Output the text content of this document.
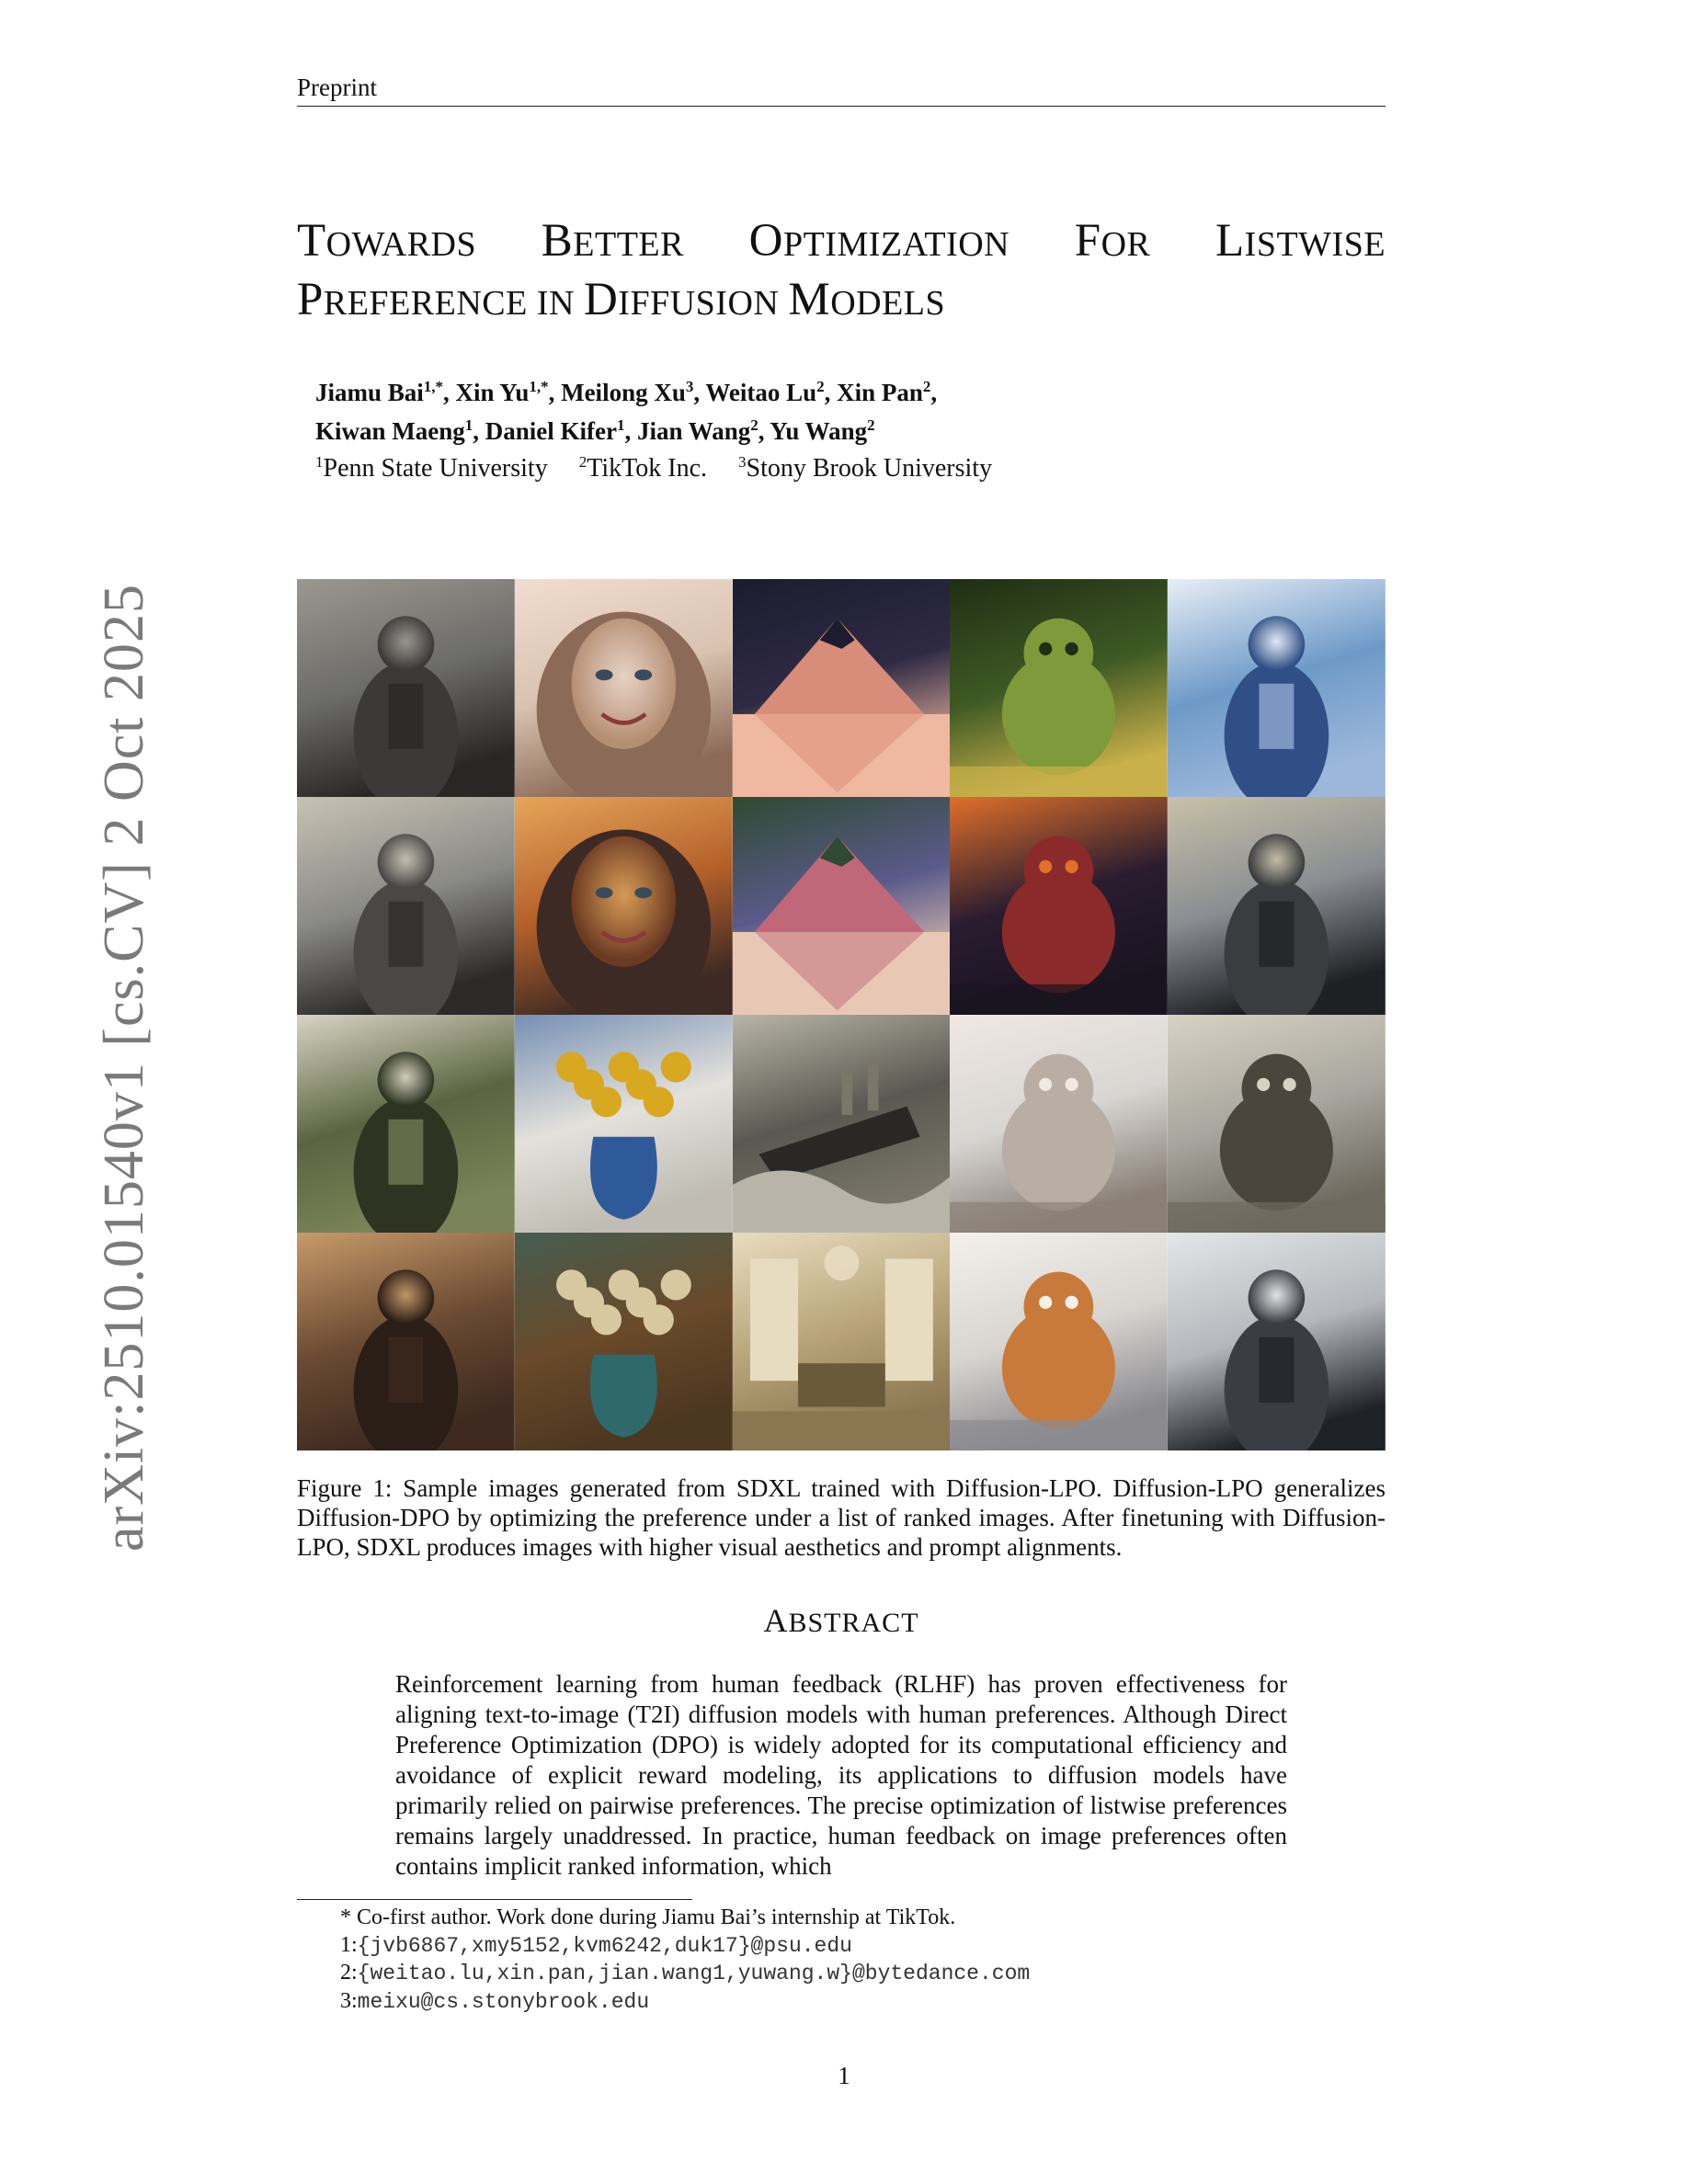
Preprint
TOWARDS BETTER OPTIMIZATION FOR LISTWISE
PREFERENCE IN DIFFUSION MODELS
Jiamu Bai$^{1,*}$, Xin $Yu^{1,*}$, Meilong Xu$^3$, Weitao Lu$^2$, Xin Pan$^2$,
Kiwan Maeng$^1$, Daniel Kifer$^1$, Jian Wang$^2$, Yu Wang$^2$
$^1$Penn State University $^2$TikTok Inc. $^3$Stony Brook University
arXiv:2510.01540v1 [cs.CV] 2 Oct 2025	Figure 1: Sample images generated from SDXL trained with Diffusion-LPO. Diffusion-LPO generalizes Diffusion-DPO by optimizing the preference under a list of ranked images. After finetuning with Diffusion-LPO, SDXL produces images with higher visual aesthetics and prompt alignments.

ABSTRACT

Reinforcement learning from human feedback (RLHF) has proven effectiveness for aligning text-to-image (T2I) diffusion models with human preferences. Although Direct Preference Optimization (DPO) is widely adopted for its computational efficiency and avoidance of explicit reward modeling, its applications to diffusion models have primarily relied on pairwise preferences. The precise optimization of listwise preferences remains largely unaddressed. In practice, human feedback on image preferences often contains implicit ranked information, which

* Co-first author. Work done during Jiamu Bai’s internship at TikTok.
1:{jvb6867,xmy5152,kvm6242,duk17}@psu.edu
2:{weitao.lu,xin.pan,jian.wang1,yuwang.w}@bytedance.com
3:meixu@cs.stonybrook.edu
1
